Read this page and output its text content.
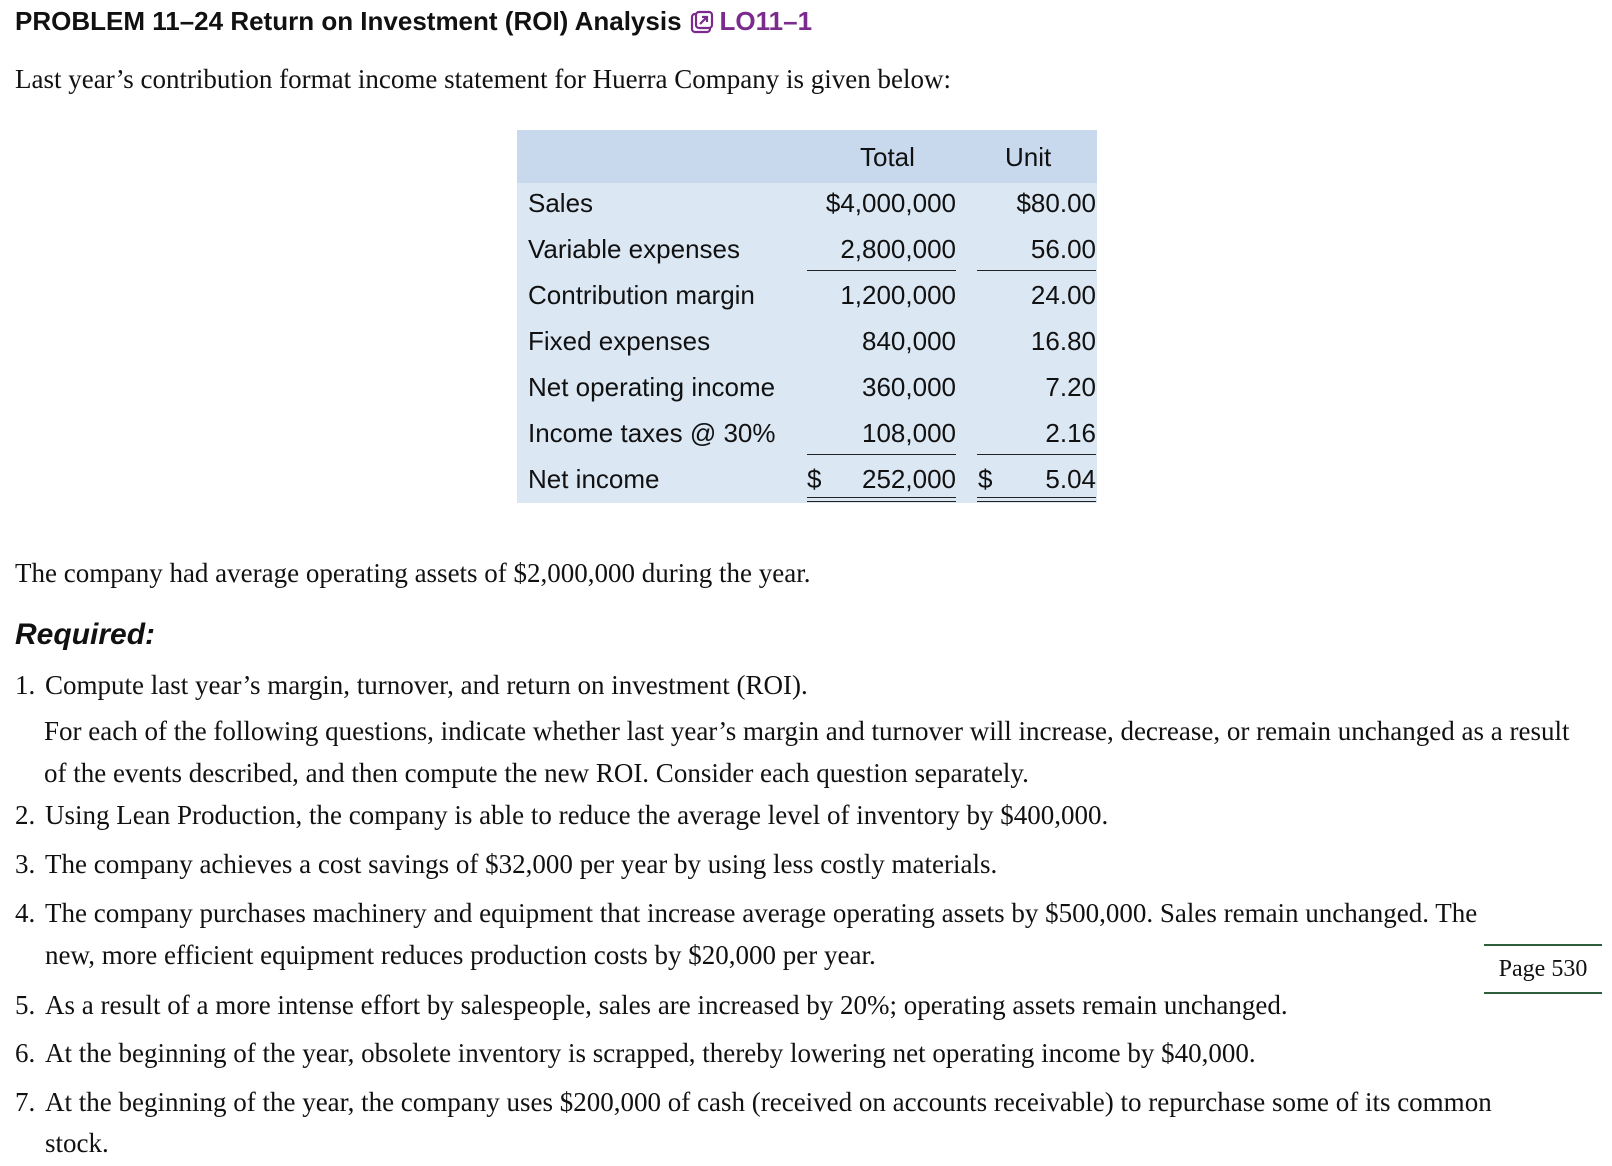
PROBLEM 11–24 Return on Investment (ROI) Analysis LO11–1
Last year’s contribution format income statement for Huerra Company is given below:
Total	Unit
Sales	$4,000,000	$80.00
Variable expenses	2,800,000	56.00
Contribution margin	1,200,000	24.00
Fixed expenses	840,000	16.80
Net operating income	360,000	7.20
Income taxes @ 30%	108,000	2.16
Net income	$	252,000 $	5.04
The company had average operating assets of $2,000,000 during the year.
Required:
1. Compute last year’s margin, turnover, and return on investment (ROI).
For each of the following questions, indicate whether last year’s margin and turnover will increase, decrease, or remain unchanged as a result of the events described, and then compute the new ROI. Consider each question separately.
2. Using Lean Production, the company is able to reduce the average level of inventory by $400,000.
3. The company achieves a cost savings of $32,000 per year by using less costly materials.
4. The company purchases machinery and equipment that increase average operating assets by $500,000. Sales remain unchanged. The
new, more efficient equipment reduces production costs by $20,000 per year.	Page 530
5. As a result of a more intense effort by salespeople, sales are increased by 20%; operating assets remain unchanged.
6. At the beginning of the year, obsolete inventory is scrapped, thereby lowering net operating income by $40,000.
7. At the beginning of the year, the company uses $200,000 of cash (received on accounts receivable) to repurchase some of its common
stock.
